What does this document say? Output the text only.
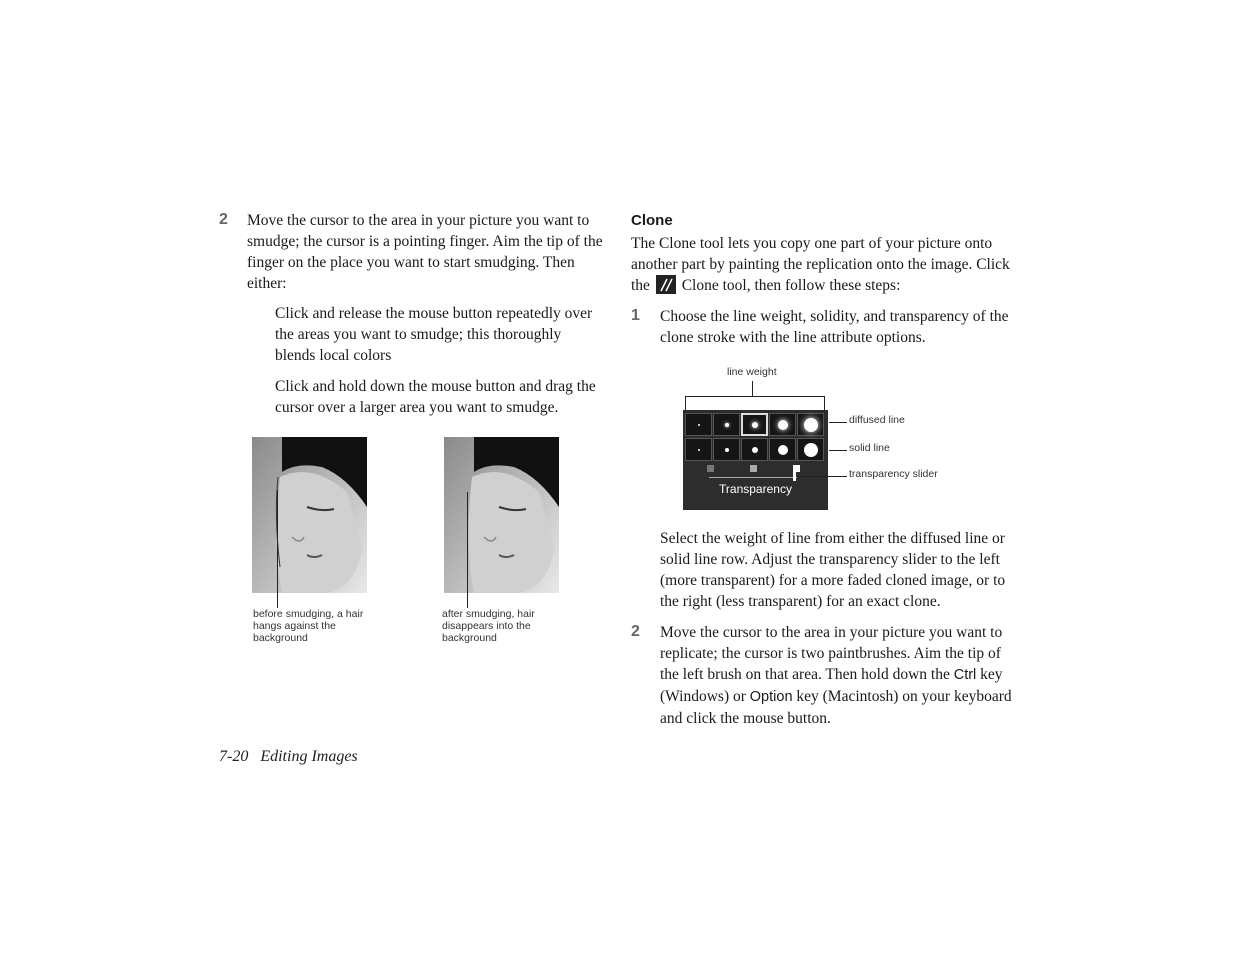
2 Move the cursor to the area in your picture you want to smudge; the cursor is a pointing finger. Aim the tip of the finger on the place you want to start smudging. Then either:
Click and release the mouse button repeatedly over the areas you want to smudge; this thoroughly blends local colors
Click and hold down the mouse button and drag the cursor over a larger area you want to smudge.
before smudging, a hair hangs against the background
after smudging, hair disappears into the background
Clone
The Clone tool lets you copy one part of your picture onto another part by painting the replication onto the image. Click the Clone tool, then follow these steps:
1 Choose the line weight, solidity, and transparency of the clone stroke with the line attribute options.
line weight
Transparency
diffused line
solid line
transparency slider
Select the weight of line from either the diffused line or solid line row. Adjust the transparency slider to the left (more transparent) for a more faded cloned image, or to the right (less transparent) for an exact clone.
2 Move the cursor to the area in your picture you want to replicate; the cursor is two paintbrushes. Aim the tip of the left brush on that area. Then hold down the Ctrl key (Windows) or Option key (Macintosh) on your keyboard and click the mouse button.
7-20 Editing Images
